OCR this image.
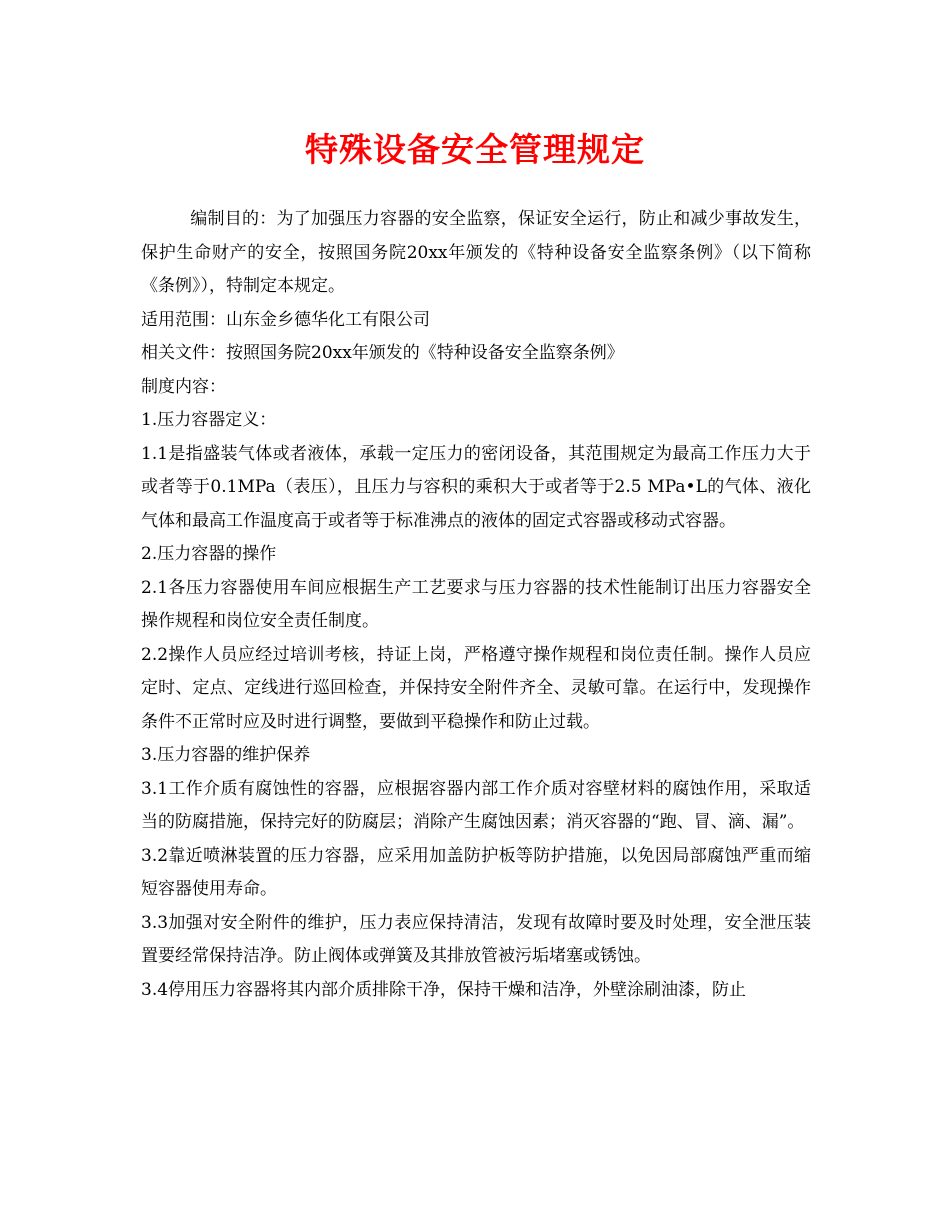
特殊设备安全管理规定

编制目的：为了加强压力容器的安全监察，保证安全运行，防止和减少事故发生，保护生命财产的安全，按照国务院20xx年颁发的《特种设备安全监察条例》（以下简称《条例》），特制定本规定。

适用范围：山东金乡德华化工有限公司

相关文件：按照国务院20xx年颁发的《特种设备安全监察条例》

制度内容：

1.压力容器定义：

1.1是指盛装气体或者液体，承载一定压力的密闭设备，其范围规定为最高工作压力大于或者等于0.1MPa（表压），且压力与容积的乘积大于或者等于2.5 MPa•L的气体、液化气体和最高工作温度高于或者等于标准沸点的液体的固定式容器或移动式容器。

2.压力容器的操作

2.1各压力容器使用车间应根据生产工艺要求与压力容器的技术性能制订出压力容器安全操作规程和岗位安全责任制度。

2.2操作人员应经过培训考核，持证上岗，严格遵守操作规程和岗位责任制。操作人员应定时、定点、定线进行巡回检查，并保持安全附件齐全、灵敏可靠。在运行中，发现操作条件不正常时应及时进行调整，要做到平稳操作和防止过载。

3.压力容器的维护保养

3.1工作介质有腐蚀性的容器，应根据容器内部工作介质对容壁材料的腐蚀作用，采取适当的防腐措施，保持完好的防腐层；消除产生腐蚀因素；消灭容器的“跑、冒、滴、漏”。

3.2靠近喷淋装置的压力容器，应采用加盖防护板等防护措施，以免因局部腐蚀严重而缩短容器使用寿命。

3.3加强对安全附件的维护，压力表应保持清洁，发现有故障时要及时处理，安全泄压装置要经常保持洁净。防止阀体或弹簧及其排放管被污垢堵塞或锈蚀。

3.4停用压力容器将其内部介质排除干净，保持干燥和洁净，外壁涂刷油漆，防止
